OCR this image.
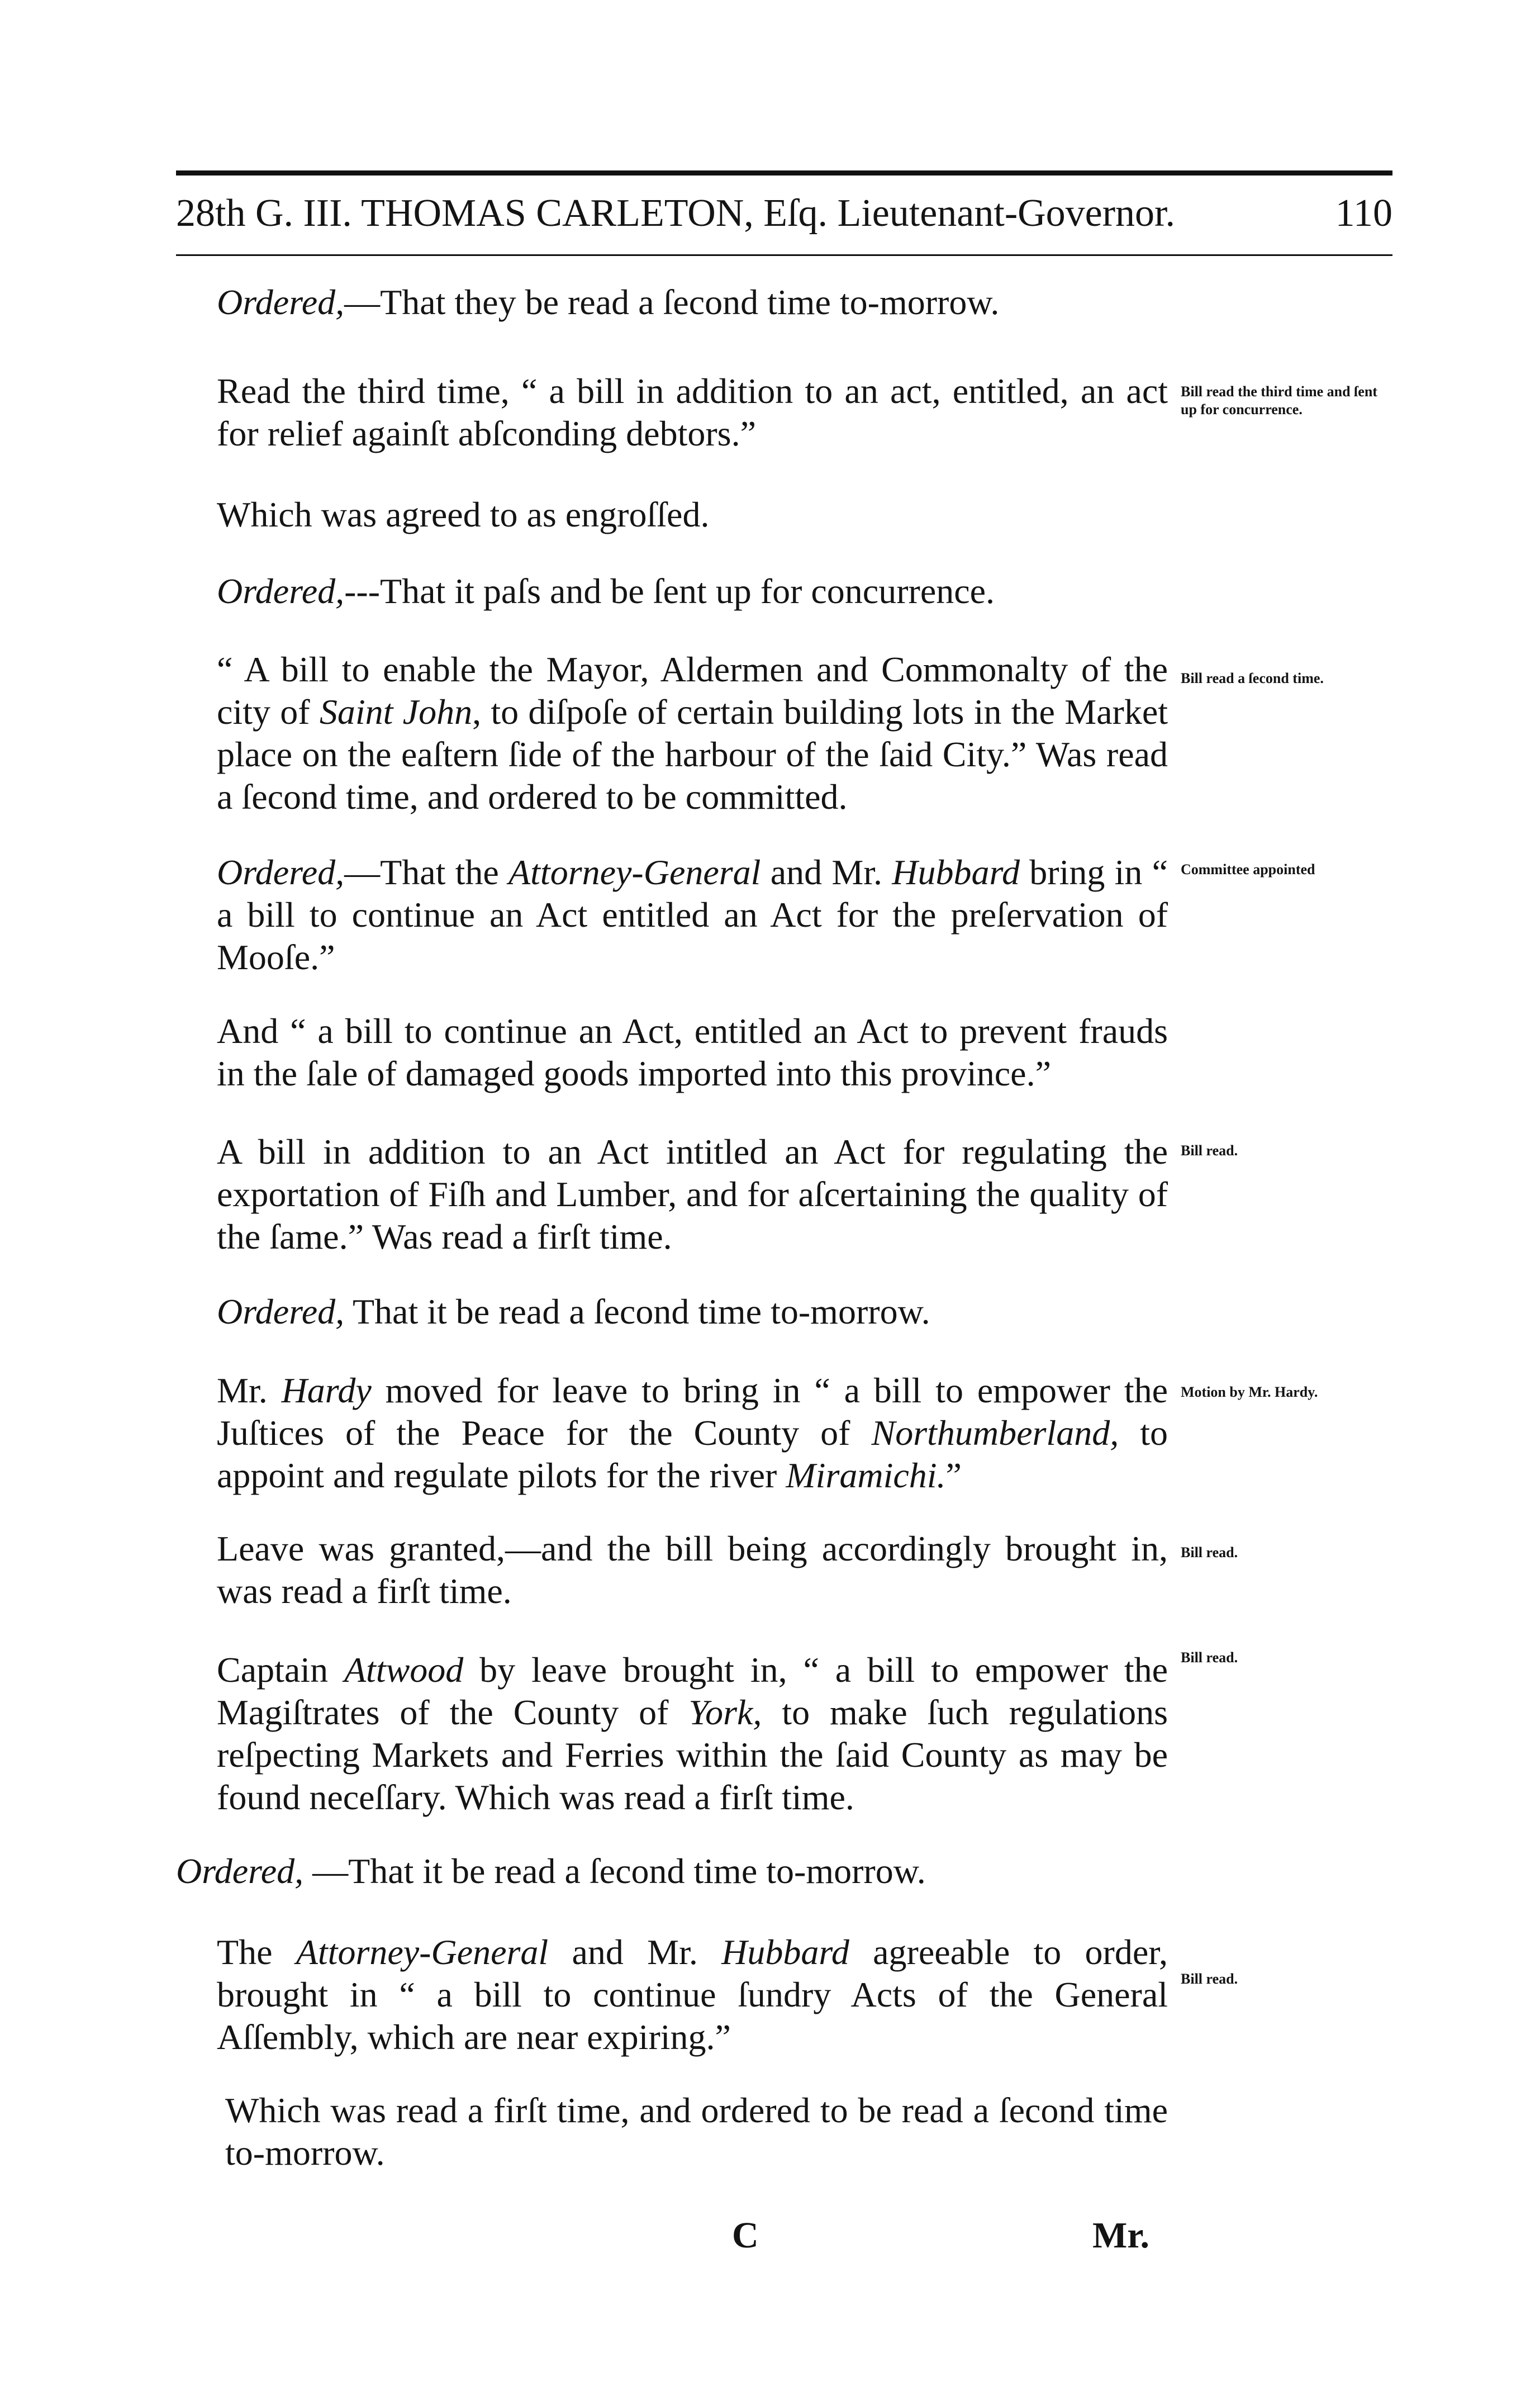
28th G. III. THOMAS CARLETON, Eſq. Lieutenant-Governor.	110

Ordered,—That they be read a ſecond time to-morrow.

Read the third time, “ a bill in addition to an act, entitled, an act for relief againſt abſconding debtors.”

Which was agreed to as engroſſed.

Ordered,---That it paſs and be ſent up for concurrence.

“ A bill to enable the Mayor, Aldermen and Commonalty of the city of Saint John, to diſpoſe of certain building lots in the Market place on the eaſtern ſide of the harbour of the ſaid City.” Was read a ſecond time, and ordered to be committed.

Ordered,—That the Attorney-General and Mr. Hubbard bring in “ a bill to continue an Act entitled an Act for the preſervation of Mooſe.”

And “ a bill to continue an Act, entitled an Act to prevent frauds in the ſale of damaged goods imported into this province.”

A bill in addition to an Act intitled an Act for regulating the exportation of Fiſh and Lumber, and for aſcertaining the quality of the ſame.” Was read a firſt time.

Ordered, That it be read a ſecond time to-morrow.

Mr. Hardy moved for leave to bring in “ a bill to empower the Juſtices of the Peace for the County of Northumberland, to appoint and regulate pilots for the river Miramichi.”

Leave was granted,—and the bill being accordingly brought in, was read a firſt time.

Captain Attwood by leave brought in, “ a bill to empower the Magiſtrates of the County of York, to make ſuch regulations reſpecting Markets and Ferries within the ſaid County as may be found neceſſary. Which was read a firſt time.

Ordered, —That it be read a ſecond time to-morrow.

The Attorney-General and Mr. Hubbard agreeable to order, brought in “ a bill to continue ſundry Acts of the General Aſſembly, which are near expiring.”

Which was read a firſt time, and ordered to be read a ſecond time to-morrow.

Bill read the third time and ſent up for concurrence.
Bill read a ſecond time.
Committee appointed
Bill read.
Motion by Mr. Hardy.
Bill read.
Bill read.
Bill read.
C	Mr.
